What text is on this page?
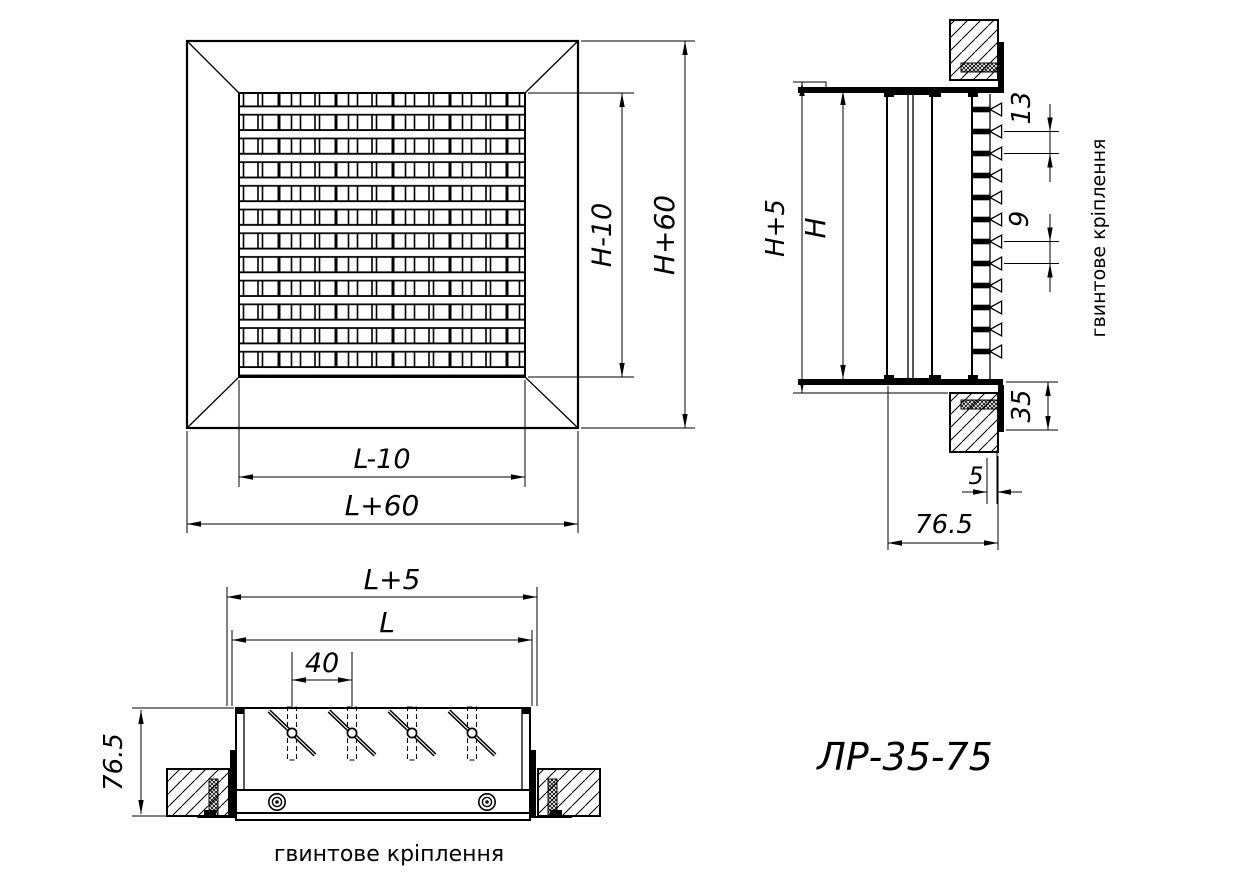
H-10 H+60
L-10
L+60
H+5 H
13
9
35
5
76.5
гвинтове кріплення
40
L
L+5
76.5
гвинтове кріплення
ЛР-35-75
